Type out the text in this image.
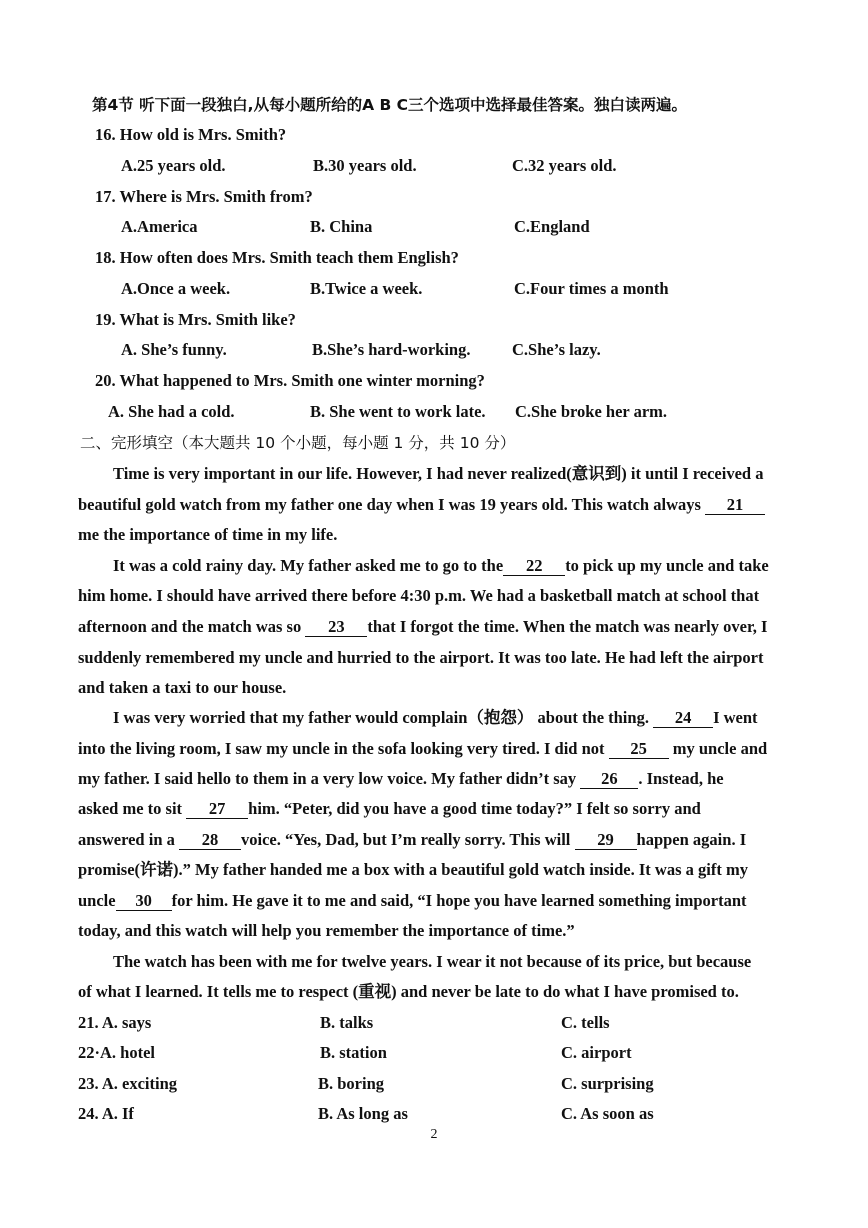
第4节 听下面一段独白,从每小题所给的A B C三个选项中选择最佳答案。独白读两遍。
16. How old is Mrs. Smith?
A.25 years old.	B.30 years old.	C.32 years old.
17. Where is Mrs. Smith from?
A.America	B. China	C.England
18. How often does Mrs. Smith teach them English?
A.Once a week.	B.Twice a week.	C.Four times a month
19. What is Mrs. Smith like?
A. She’s funny.	B.She’s hard-working.	C.She’s lazy.
20. What happened to Mrs. Smith one winter morning?
A. She had a cold.	B. She went to work late. C.She broke her arm.
二、完形填空（本大题共 10 个小题，每小题 1 分，共 10 分）
Time is very important in our life. However, I had never realized(意识到) it until I received a
beautiful gold watch from my father one day when I was 19 years old. This watch always 21
me the importance of time in my life.
It was a cold rainy day. My father asked me to go to the 22 to pick up my uncle and take
him home. I should have arrived there before 4:30 p.m. We had a basketball match at school that
afternoon and the match was so 23 that I forgot the time. When the match was nearly over, I
suddenly remembered my uncle and hurried to the airport. It was too late. He had left the airport
and taken a taxi to our house.
I was very worried that my father would complain（抱怨） about the thing. 24 I went
into the living room, I saw my uncle in the sofa looking very tired. I did not 25 my uncle and
my father. I said hello to them in a very low voice. My father didn’t say 26 . Instead, he
asked me to sit 27 him. “Peter, did you have a good time today?” I felt so sorry and
answered in a 28 voice. “Yes, Dad, but I’m really sorry. This will 29 happen again. I
promise(许诺).” My father handed me a box with a beautiful gold watch inside. It was a gift my
uncle 30 for him. He gave it to me and said, “I hope you have learned something important
today, and this watch will help you remember the importance of time.”
The watch has been with me for twelve years. I wear it not because of its price, but because
of what I learned. It tells me to respect (重视) and never be late to do what I have promised to.
21. A. says	B. talks	C. tells
22·A. hotel	B. station	C. airport
23. A. exciting	B. boring	C. surprising
24. A. If	B. As long as	C. As soon as
2
